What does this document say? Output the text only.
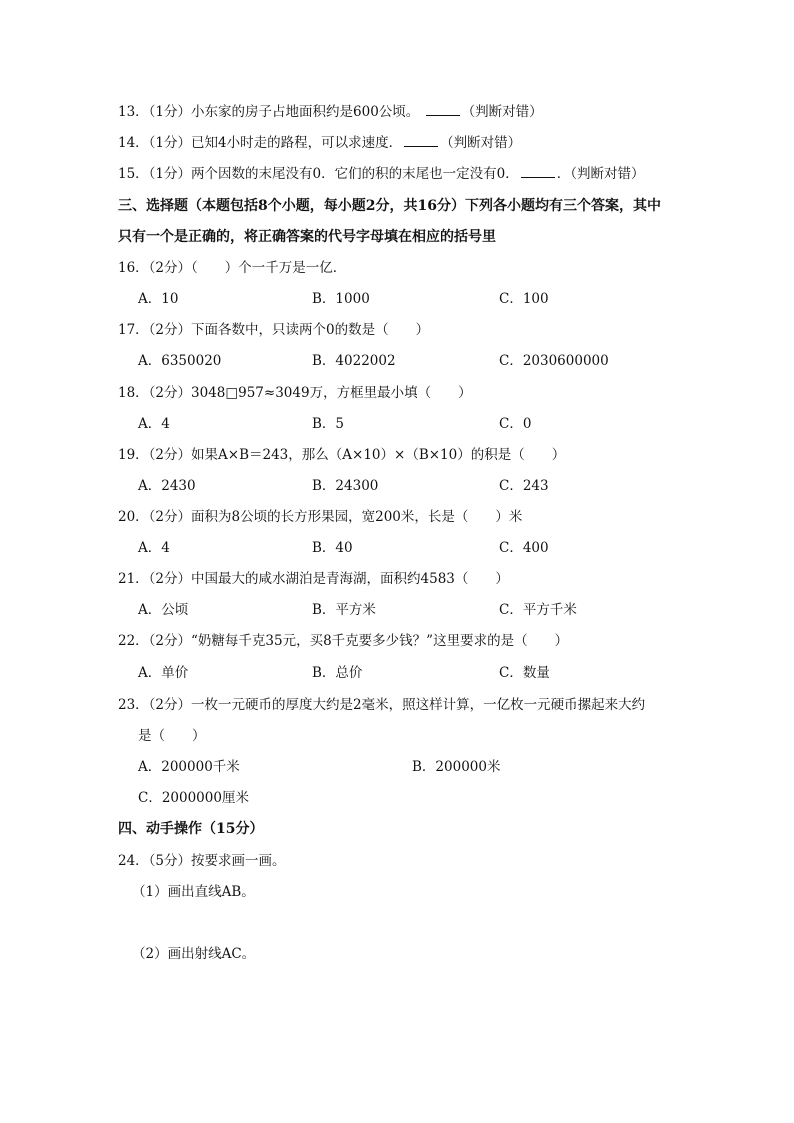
13．（1分）小东家的房子占地面积约是600公顷。	（判断对错）
14．（1分）已知4小时走的路程，可以求速度．	（判断对错）
15．（1分）两个因数的末尾没有0．它们的积的末尾也一定没有0．	．（判断对错）
三、选择题（本题包括8个小题，每小题2分，共16分）下列各小题均有三个答案，其中
只有一个是正确的，将正确答案的代号字母填在相应的括号里
16．（2分）（　　）个一千万是一亿．
A．10	B．1000	C．100
17．（2分）下面各数中，只读两个0的数是（　　）
A．6350020	B．4022002	C．2030600000
18．（2分）3048□957≈3049万，方框里最小填（　　）
A．4	B．5	C．0
19．（2分）如果A×B＝243，那么（A×10）×（B×10）的积是（　　）
A．2430	B．24300	C．243
20．（2分）面积为8公顷的长方形果园，宽200米，长是（　　）米
A．4	B．40	C．400
21．（2分）中国最大的咸水湖泊是青海湖，面积约4583（　　）
A．公顷	B．平方米	C．平方千米
22．（2分）“奶糖每千克35元，买8千克要多少钱？”这里要求的是（　　）
A．单价	B．总价	C．数量
23．（2分）一枚一元硬币的厚度大约是2毫米，照这样计算，一亿枚一元硬币摞起来大约
是（　　）
A．200000千米	B．200000米
C．2000000厘米
四、动手操作（15分）
24．（5分）按要求画一画。
（1）画出直线AB。
（2）画出射线AC。
